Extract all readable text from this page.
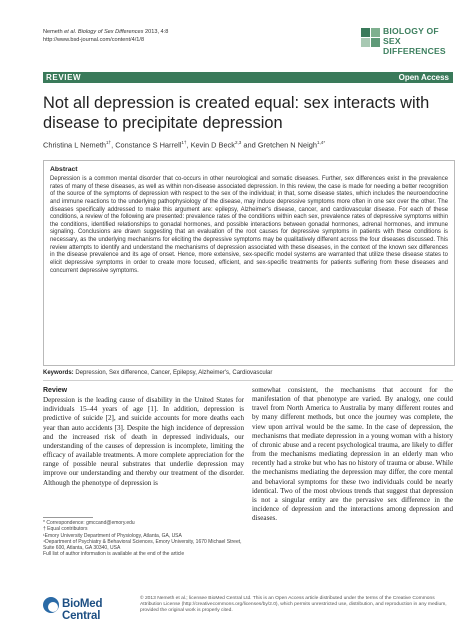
Nemeth et al. Biology of Sex Differences 2013, 4:8
http://www.bsd-journal.com/content/4/1/8
BIOLOGY OF
SEX
DIFFERENCES
REVIEW	Open Access
Not all depression is created equal: sex interacts with disease to precipitate depression
Christina L Nemeth$^{1\dagger}$, Constance S Harrell$^{1\dagger}$, Kevin D Beck$^{2,3}$ and Gretchen N Neigh$^{1,4*}$
Abstract
Depression is a common mental disorder that co-occurs in other neurological and somatic diseases. Further, sex differences exist in the prevalence rates of many of these diseases, as well as within non-disease associated depression. In this review, the case is made for needing a better recognition of the source of the symptoms of depression with respect to the sex of the individual; in that, some disease states, which includes the neuroendocrine and immune reactions to the underlying pathophysiology of the disease, may induce depressive symptoms more often in one sex over the other. The diseases specifically addressed to make this argument are: epilepsy, Alzheimer's disease, cancer, and cardiovascular disease. For each of these conditions, a review of the following are presented: prevalence rates of the conditions within each sex, prevalence rates of depressive symptoms within the conditions, identified relationships to gonadal hormones, and possible interactions between gonadal hormones, adrenal hormones, and immune signaling. Conclusions are drawn suggesting that an evaluation of the root causes for depressive symptoms in patients with these conditions is necessary, as the underlying mechanisms for eliciting the depressive symptoms may be qualitatively different across the four diseases discussed. This review attempts to identify and understand the mechanisms of depression associated with these diseases, in the context of the known sex differences in the disease prevalence and its age of onset. Hence, more extensive, sex-specific model systems are warranted that utilize these disease states to elicit depressive symptoms in order to create more focused, efficient, and sex-specific treatments for patients suffering from these diseases and concurrent depressive symptoms.
Keywords: Depression, Sex difference, Cancer, Epilepsy, Alzheimer's, Cardiovascular
Review
Depression is the leading cause of disability in the United States for individuals 15–44 years of age [1]. In addition, depression is predictive of suicide [2], and suicide accounts for more deaths each year than auto accidents [3]. Despite the high incidence of depression and the increased risk of death in depressed individuals, our understanding of the causes of depression is incomplete, limiting the efficacy of available treatments. A more complete appreciation for the range of possible neural substrates that underlie depression may improve our understanding and thereby our treatment of the disorder. Although the phenotype of depression is
somewhat consistent, the mechanisms that account for the manifestation of that phenotype are varied. By analogy, one could travel from North America to Australia by many different routes and by many different methods, but once the journey was complete, the view upon arrival would be the same. In the case of depression, the mechanisms that mediate depression in a young woman with a history of chronic abuse and a recent psychological trauma, are likely to differ from the mechanisms mediating depression in an elderly man who recently had a stroke but who has no history of trauma or abuse. While the mechanisms mediating the depression may differ, the core mental and behavioral symptoms for these two individuals could be nearly identical. Two of the most obvious trends that suggest that depression is not a singular entity are the pervasive sex difference in the incidence of depression and the interactions among depression and diseases.
* Correspondence: gmccand@emory.edu
† Equal contributors
¹Emory University Department of Physiology, Atlanta, GA, USA
⁴Department of Psychiatry & Behavioral Sciences, Emory University, 1670 Michael Street, Suite 600, Atlanta, GA 30340, USA
Full list of author information is available at the end of the article
BioMed Central
© 2013 Nemeth et al.; licensee BioMed Central Ltd. This is an Open Access article distributed under the terms of the Creative Commons Attribution License (http://creativecommons.org/licenses/by/2.0), which permits unrestricted use, distribution, and reproduction in any medium, provided the original work is properly cited.
